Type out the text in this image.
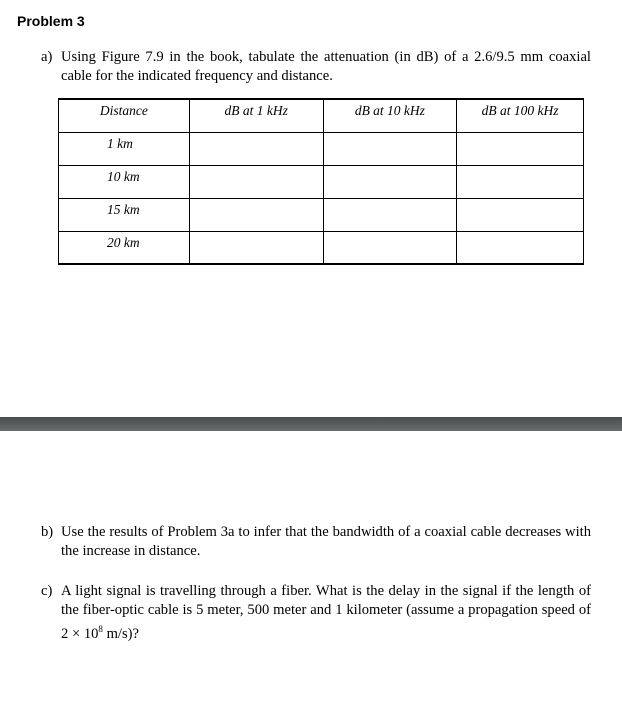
Problem 3
a) Using Figure 7.9 in the book, tabulate the attenuation (in dB) of a 2.6/9.5 mm coaxial cable for the indicated frequency and distance.
Distance	dB at 1 kHz	dB at 10 kHz	dB at 100 kHz
1 km			
10 km			
15 km			
20 km			
b) Use the results of Problem 3a to infer that the bandwidth of a coaxial cable decreases with the increase in distance.
c) A light signal is travelling through a fiber. What is the delay in the signal if the length of the fiber-optic cable is 5 meter, 500 meter and 1 kilometer (assume a propagation speed of $2 \times 10^8$ m/s)?
